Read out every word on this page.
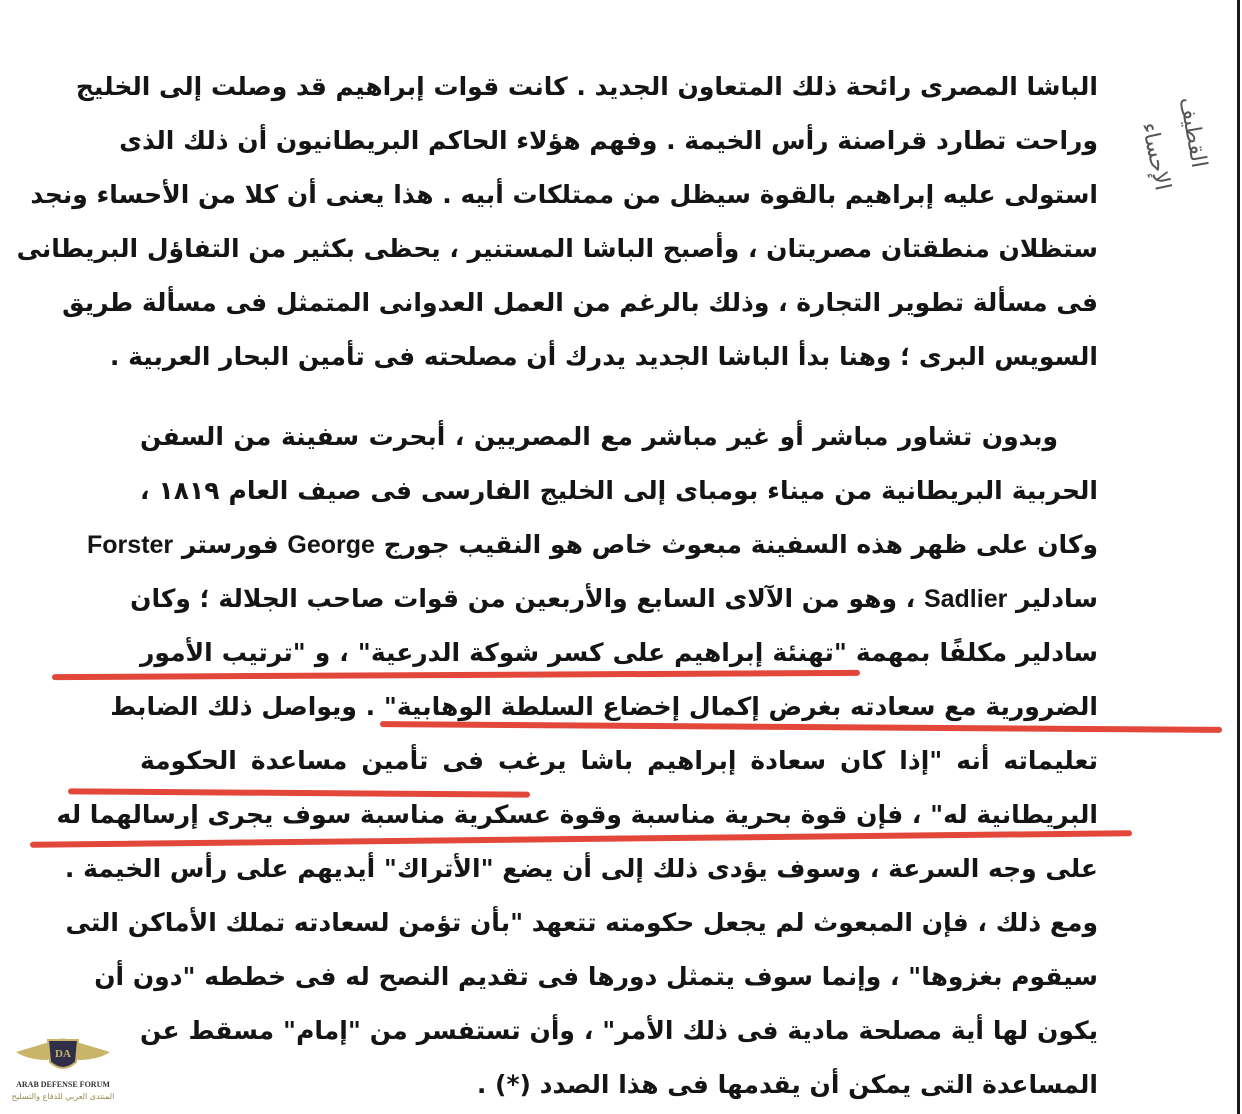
الباشا المصرى رائحة ذلك المتعاون الجديد . كانت قوات إبراهيم قد وصلت إلى الخليج
وراحت تطارد قراصنة رأس الخيمة . وفهم هؤلاء الحاكم البريطانيون أن ذلك الذى
استولى عليه إبراهيم بالقوة سيظل من ممتلكات أبيه . هذا يعنى أن كلا من الأحساء ونجد
ستظلان منطقتان مصريتان ، وأصبح الباشا المستنير ، يحظى بكثير من التفاؤل البريطانى
فى مسألة تطوير التجارة ، وذلك بالرغم من العمل العدوانى المتمثل فى مسألة طريق
السويس البرى ؛ وهنا بدأ الباشا الجديد يدرك أن مصلحته فى تأمين البحار العربية .
وبدون تشاور مباشر أو غير مباشر مع المصريين ، أبحرت سفينة من السفن
الحربية البريطانية من ميناء بومباى إلى الخليج الفارسى فى صيف العام ١٨١٩ ،
وكان على ظهر هذه السفينة مبعوث خاص هو النقيب جورج George فورستر Forster
سادلير Sadlier ، وهو من الآلاى السابع والأربعين من قوات صاحب الجلالة ؛ وكان
سادلير مكلفًا بمهمة "تهنئة إبراهيم على كسر شوكة الدرعية" ، و "ترتيب الأمور
الضرورية مع سعادته بغرض إكمال إخضاع السلطة الوهابية" . ويواصل ذلك الضابط
تعليماته أنه "إذا كان سعادة إبراهيم باشا يرغب فى تأمين مساعدة الحكومة
البريطانية له" ، فإن قوة بحرية مناسبة وقوة عسكرية مناسبة سوف يجرى إرسالهما له
على وجه السرعة ، وسوف يؤدى ذلك إلى أن يضع "الأتراك" أيديهم على رأس الخيمة .
ومع ذلك ، فإن المبعوث لم يجعل حكومته تتعهد "بأن تؤمن لسعادته تملك الأماكن التى
سيقوم بغزوها" ، وإنما سوف يتمثل دورها فى تقديم النصح له فى خططه "دون أن
يكون لها أية مصلحة مادية فى ذلك الأمر" ، وأن تستفسر من "إمام" مسقط عن
المساعدة التى يمكن أن يقدمها فى هذا الصدد (*) .
القطيف
الإحساء
DA
ARAB DEFENSE FORUM
المنتدى العربي للدفاع والتسليح
